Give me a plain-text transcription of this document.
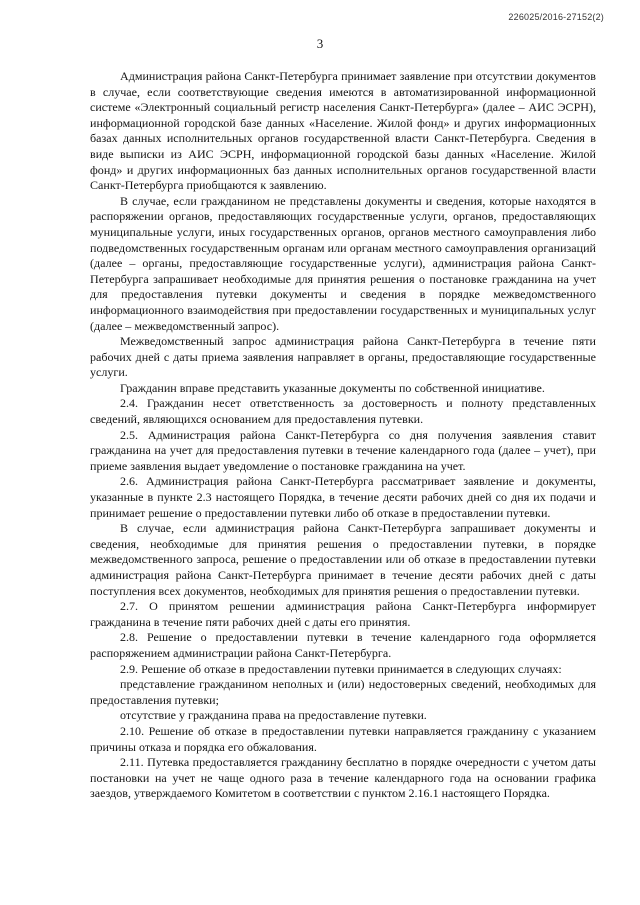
226025/2016-27152(2)
3

Администрация района Санкт-Петербурга принимает заявление при отсутствии документов в случае, если соответствующие сведения имеются в автоматизированной информационной системе «Электронный социальный регистр населения Санкт-Петербурга» (далее – АИС ЭСРН), информационной городской базе данных «Население. Жилой фонд» и других информационных базах данных исполнительных органов государственной власти Санкт-Петербурга. Сведения в виде выписки из АИС ЭСРН, информационной городской базы данных «Население. Жилой фонд» и других информационных баз данных исполнительных органов государственной власти Санкт-Петербурга приобщаются к заявлению.

В случае, если гражданином не представлены документы и сведения, которые находятся в распоряжении органов, предоставляющих государственные услуги, органов, предоставляющих муниципальные услуги, иных государственных органов, органов местного самоуправления либо подведомственных государственным органам или органам местного самоуправления организаций (далее – органы, предоставляющие государственные услуги), администрация района Санкт-Петербурга запрашивает необходимые для принятия решения о постановке гражданина на учет для предоставления путевки документы и сведения в порядке межведомственного информационного взаимодействия при предоставлении государственных и муниципальных услуг (далее – межведомственный запрос).

Межведомственный запрос администрация района Санкт-Петербурга в течение пяти рабочих дней с даты приема заявления направляет в органы, предоставляющие государственные услуги.

Гражданин вправе представить указанные документы по собственной инициативе.

2.4. Гражданин несет ответственность за достоверность и полноту представленных сведений, являющихся основанием для предоставления путевки.

2.5. Администрация района Санкт-Петербурга со дня получения заявления ставит гражданина на учет для предоставления путевки в течение календарного года (далее – учет), при приеме заявления выдает уведомление о постановке гражданина на учет.

2.6. Администрация района Санкт-Петербурга рассматривает заявление и документы, указанные в пункте 2.3 настоящего Порядка, в течение десяти рабочих дней со дня их подачи и принимает решение о предоставлении путевки либо об отказе в предоставлении путевки.

В случае, если администрация района Санкт-Петербурга запрашивает документы и сведения, необходимые для принятия решения о предоставлении путевки, в порядке межведомственного запроса, решение о предоставлении или об отказе в предоставлении путевки администрация района Санкт-Петербурга принимает в течение десяти рабочих дней с даты поступления всех документов, необходимых для принятия решения о предоставлении путевки.

2.7. О принятом решении администрация района Санкт-Петербурга информирует гражданина в течение пяти рабочих дней с даты его принятия.

2.8. Решение о предоставлении путевки в течение календарного года оформляется распоряжением администрации района Санкт-Петербурга.

2.9. Решение об отказе в предоставлении путевки принимается в следующих случаях:

представление гражданином неполных и (или) недостоверных сведений, необходимых для предоставления путевки;

отсутствие у гражданина права на предоставление путевки.

2.10. Решение об отказе в предоставлении путевки направляется гражданину с указанием причины отказа и порядка его обжалования.

2.11. Путевка предоставляется гражданину бесплатно в порядке очередности с учетом даты постановки на учет не чаще одного раза в течение календарного года на основании графика заездов, утверждаемого Комитетом в соответствии с пунктом 2.16.1 настоящего Порядка.
